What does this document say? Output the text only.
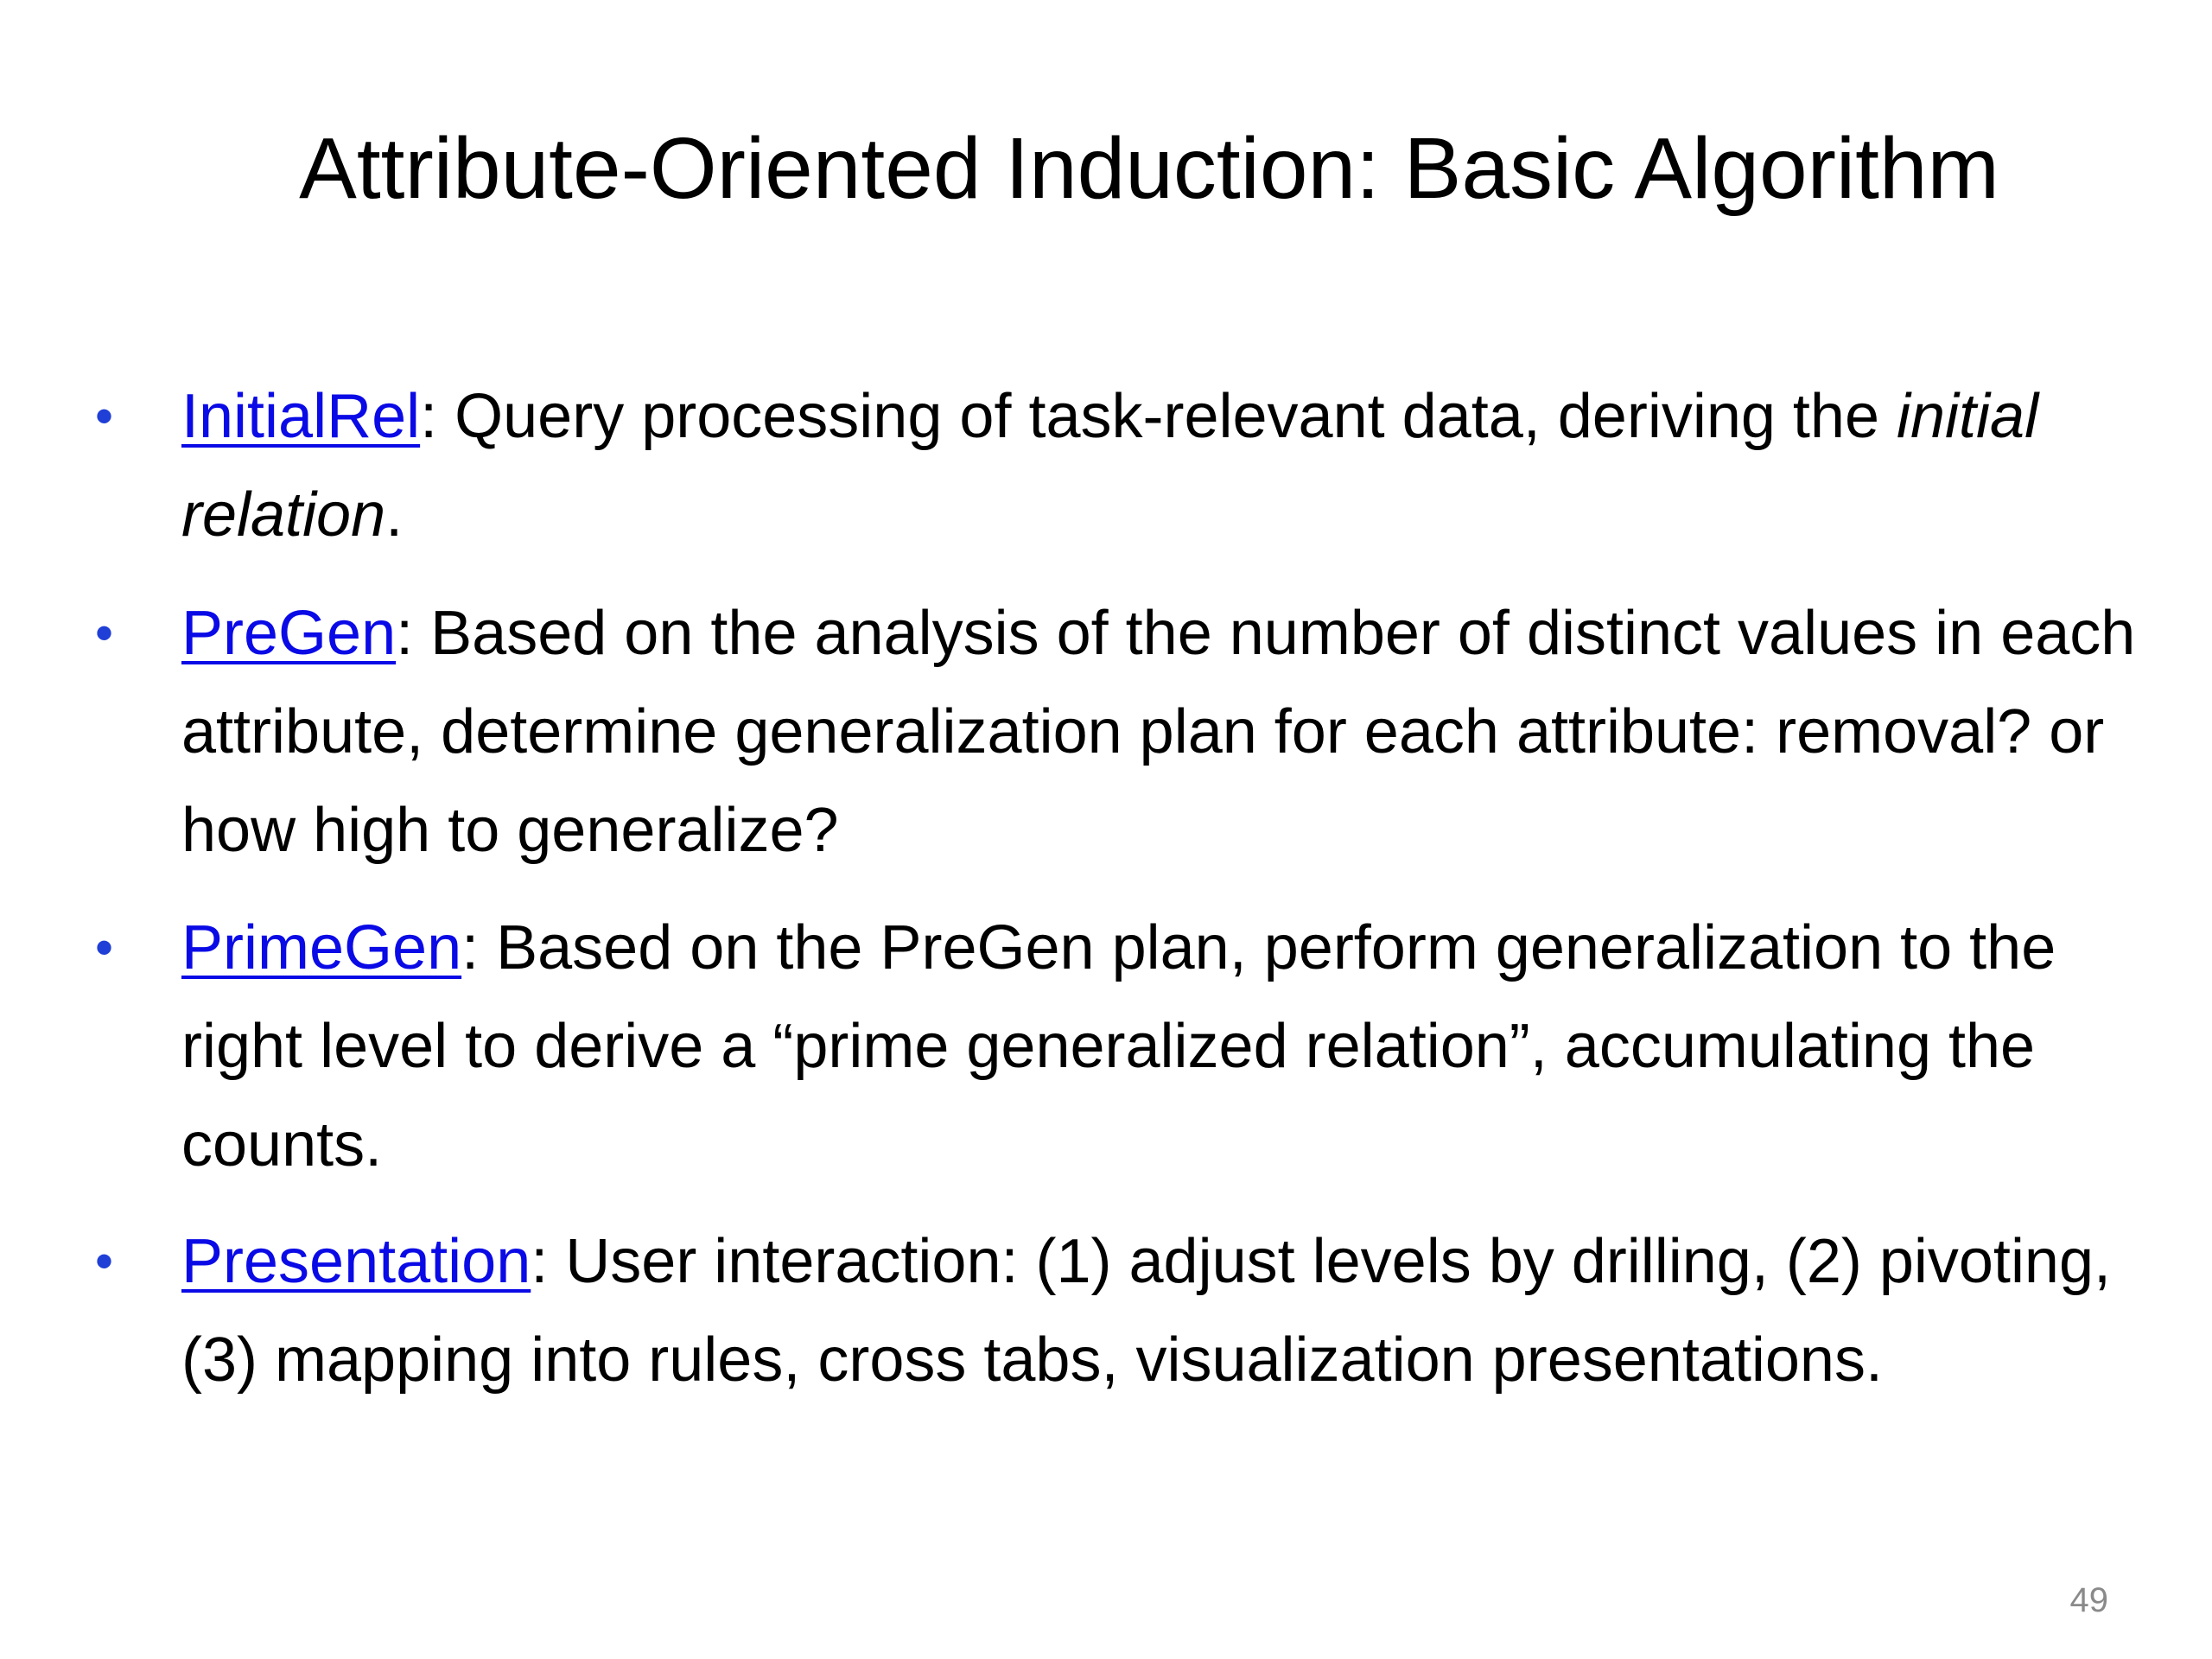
Attribute-Oriented Induction: Basic Algorithm
•	InitialRel: Query processing of task-relevant data, deriving the initial relation.
•	PreGen: Based on the analysis of the number of distinct values in each attribute, determine generalization plan for each attribute: removal? or how high to generalize?
•	PrimeGen: Based on the PreGen plan, perform generalization to the right level to derive a “prime generalized relation”, accumulating the counts.
•	Presentation: User interaction: (1) adjust levels by drilling, (2) pivoting, (3) mapping into rules, cross tabs, visualization presentations.
49
